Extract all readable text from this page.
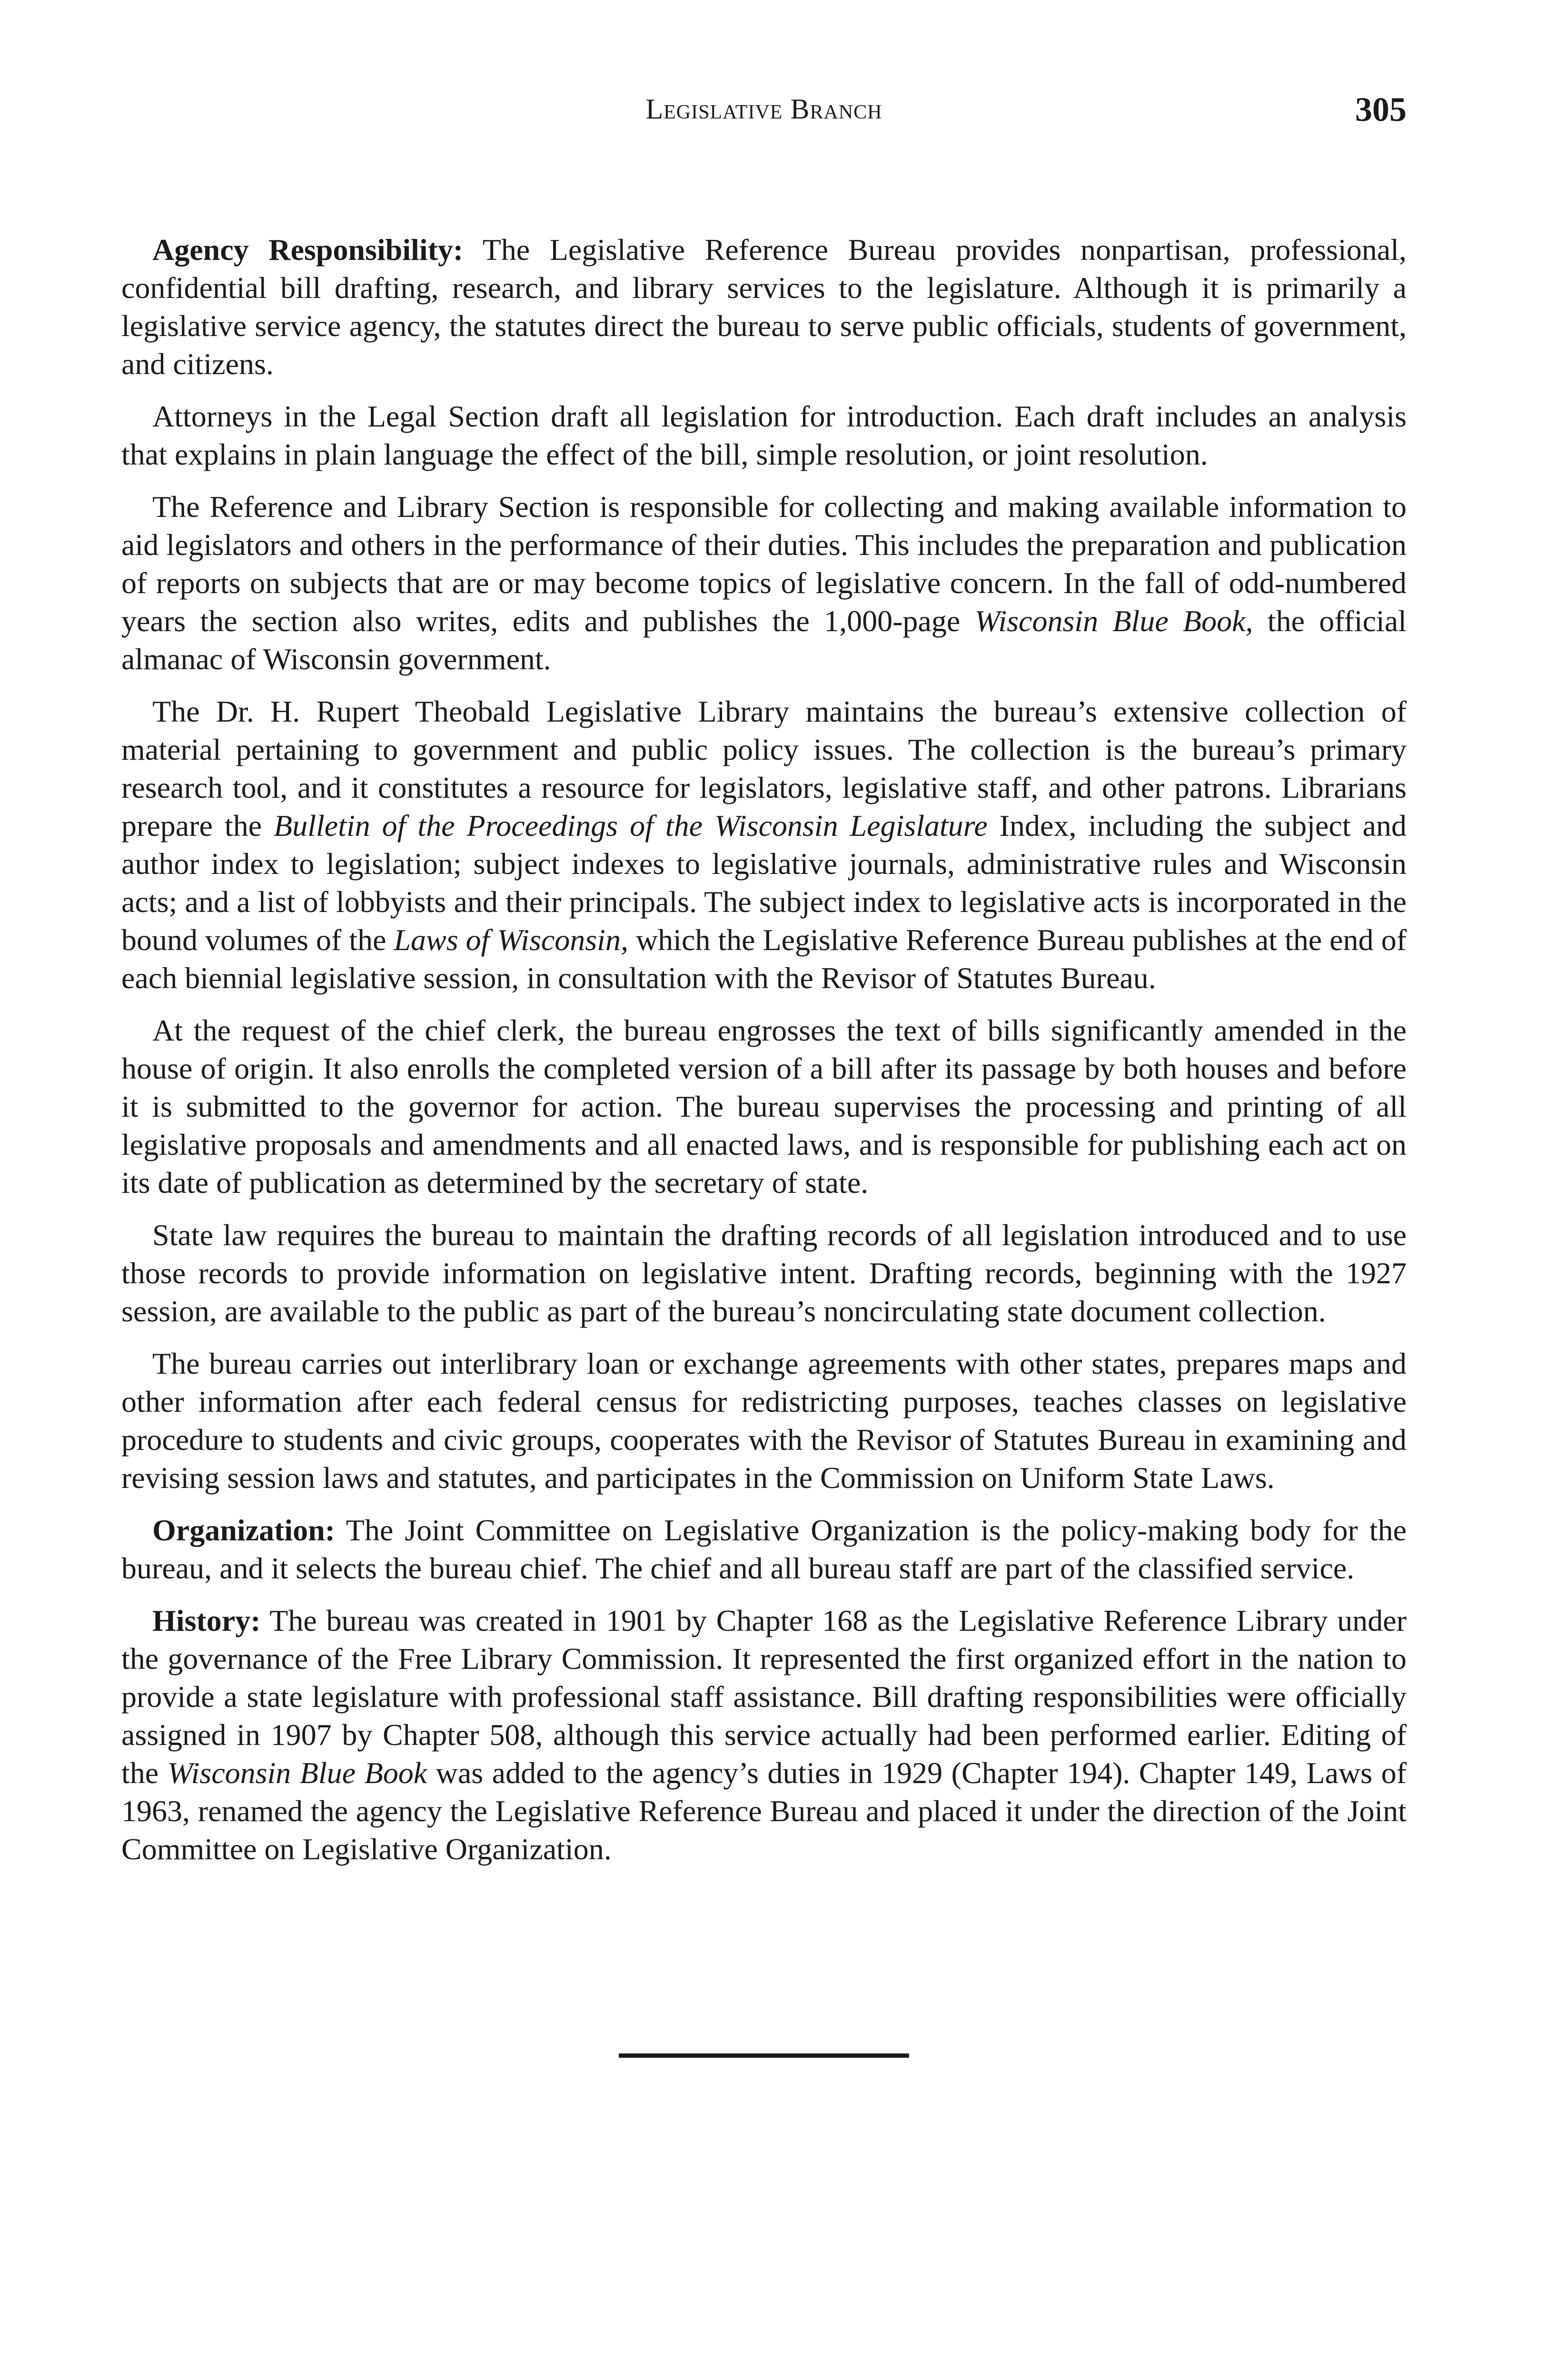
Legislative Branch	305

Agency Responsibility: The Legislative Reference Bureau provides nonpartisan, professional, confidential bill drafting, research, and library services to the legislature. Although it is primarily a legislative service agency, the statutes direct the bureau to serve public officials, students of government, and citizens.

Attorneys in the Legal Section draft all legislation for introduction. Each draft includes an analysis that explains in plain language the effect of the bill, simple resolution, or joint resolution.

The Reference and Library Section is responsible for collecting and making available information to aid legislators and others in the performance of their duties. This includes the preparation and publication of reports on subjects that are or may become topics of legislative concern. In the fall of odd-numbered years the section also writes, edits and publishes the 1,000-page Wisconsin Blue Book, the official almanac of Wisconsin government.

The Dr. H. Rupert Theobald Legislative Library maintains the bureau’s extensive collection of material pertaining to government and public policy issues. The collection is the bureau’s primary research tool, and it constitutes a resource for legislators, legislative staff, and other patrons. Librarians prepare the Bulletin of the Proceedings of the Wisconsin Legislature Index, including the subject and author index to legislation; subject indexes to legislative journals, administrative rules and Wisconsin acts; and a list of lobbyists and their principals. The subject index to legislative acts is incorporated in the bound volumes of the Laws of Wisconsin, which the Legislative Reference Bureau publishes at the end of each biennial legislative session, in consultation with the Revisor of Statutes Bureau.

At the request of the chief clerk, the bureau engrosses the text of bills significantly amended in the house of origin. It also enrolls the completed version of a bill after its passage by both houses and before it is submitted to the governor for action. The bureau supervises the processing and printing of all legislative proposals and amendments and all enacted laws, and is responsible for publishing each act on its date of publication as determined by the secretary of state.

State law requires the bureau to maintain the drafting records of all legislation introduced and to use those records to provide information on legislative intent. Drafting records, beginning with the 1927 session, are available to the public as part of the bureau’s noncirculating state document collection.

The bureau carries out interlibrary loan or exchange agreements with other states, prepares maps and other information after each federal census for redistricting purposes, teaches classes on legislative procedure to students and civic groups, cooperates with the Revisor of Statutes Bureau in examining and revising session laws and statutes, and participates in the Commission on Uniform State Laws.

Organization: The Joint Committee on Legislative Organization is the policy-making body for the bureau, and it selects the bureau chief. The chief and all bureau staff are part of the classified service.

History: The bureau was created in 1901 by Chapter 168 as the Legislative Reference Library under the governance of the Free Library Commission. It represented the first organized effort in the nation to provide a state legislature with professional staff assistance. Bill drafting responsibilities were officially assigned in 1907 by Chapter 508, although this service actually had been performed earlier. Editing of the Wisconsin Blue Book was added to the agency’s duties in 1929 (Chapter 194). Chapter 149, Laws of 1963, renamed the agency the Legislative Reference Bureau and placed it under the direction of the Joint Committee on Legislative Organization.
